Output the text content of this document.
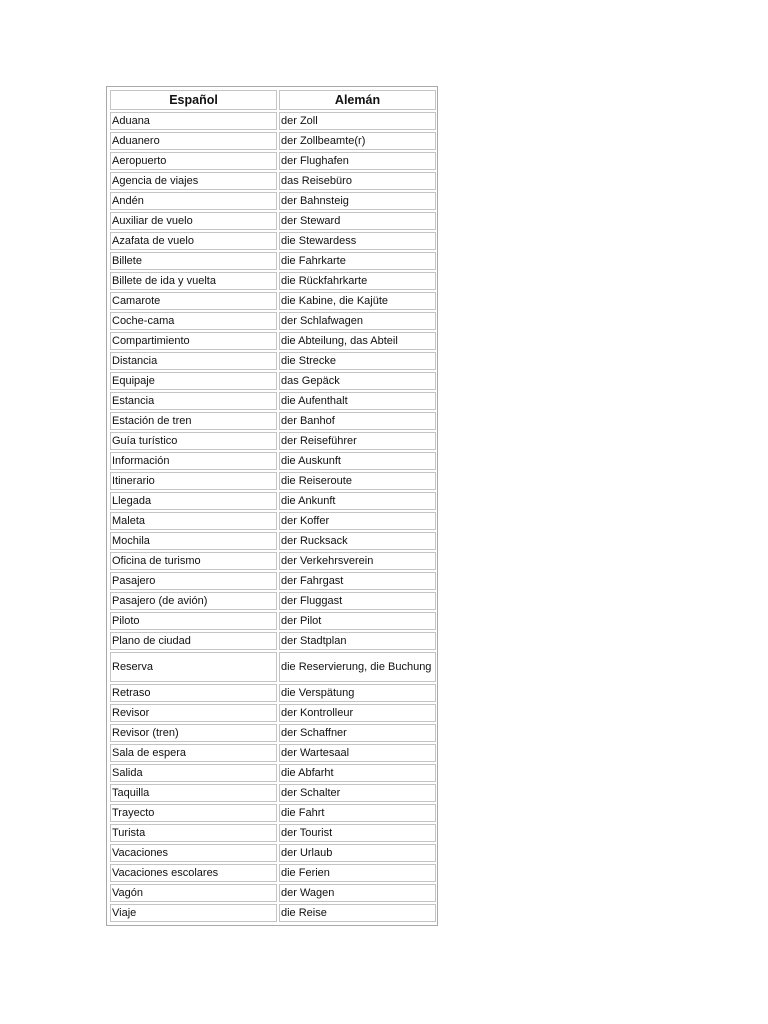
Español	Alemán
Aduana	der Zoll
Aduanero	der Zollbeamte(r)
Aeropuerto	der Flughafen
Agencia de viajes	das Reisebüro
Andén	der Bahnsteig
Auxiliar de vuelo	der Steward
Azafata de vuelo	die Stewardess
Billete	die Fahrkarte
Billete de ida y vuelta	die Rückfahrkarte
Camarote	die Kabine, die Kajüte
Coche-cama	der Schlafwagen
Compartimiento	die Abteilung, das Abteil
Distancia	die Strecke
Equipaje	das Gepäck
Estancia	die Aufenthalt
Estación de tren	der Banhof
Guía turístico	der Reiseführer
Información	die Auskunft
Itinerario	die Reiseroute
Llegada	die Ankunft
Maleta	der Koffer
Mochila	der Rucksack
Oficina de turismo	der Verkehrsverein
Pasajero	der Fahrgast
Pasajero (de avión)	der Fluggast
Piloto	der Pilot
Plano de ciudad	der Stadtplan
Reserva	die Reservierung, die Buchung
Retraso	die Verspätung
Revisor	der Kontrolleur
Revisor (tren)	der Schaffner
Sala de espera	der Wartesaal
Salida	die Abfarht
Taquilla	der Schalter
Trayecto	die Fahrt
Turista	der Tourist
Vacaciones	der Urlaub
Vacaciones escolares	die Ferien
Vagón	der Wagen
Viaje	die Reise
